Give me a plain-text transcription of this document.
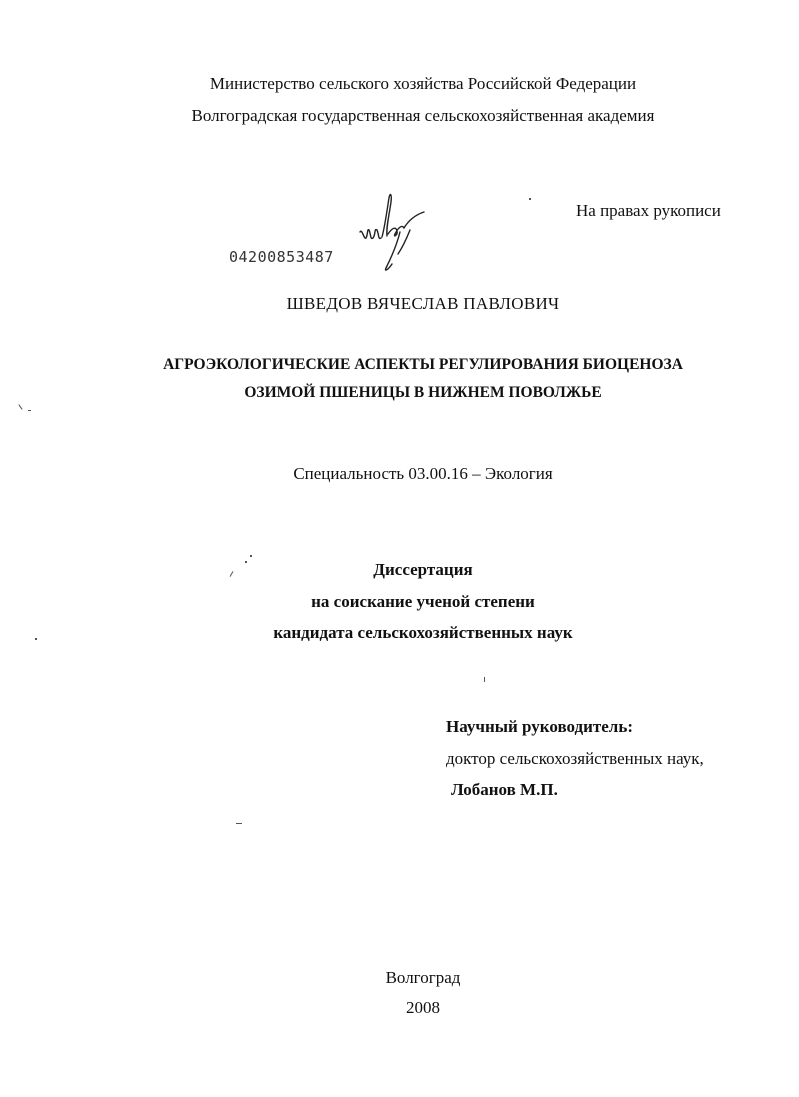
Министерство сельского хозяйства Российской Федерации
Волгоградская государственная сельскохозяйственная академия
На правах рукописи
04200853487
ШВЕДОВ ВЯЧЕСЛАВ ПАВЛОВИЧ
АГРОЭКОЛОГИЧЕСКИЕ АСПЕКТЫ РЕГУЛИРОВАНИЯ БИОЦЕНОЗА
ОЗИМОЙ ПШЕНИЦЫ В НИЖНЕМ ПОВОЛЖЬЕ
Специальность 03.00.16 – Экология
Диссертация
на соискание ученой степени
кандидата сельскохозяйственных наук
Научный руководитель:
доктор сельскохозяйственных наук,
Лобанов М.П.
Волгоград
2008
